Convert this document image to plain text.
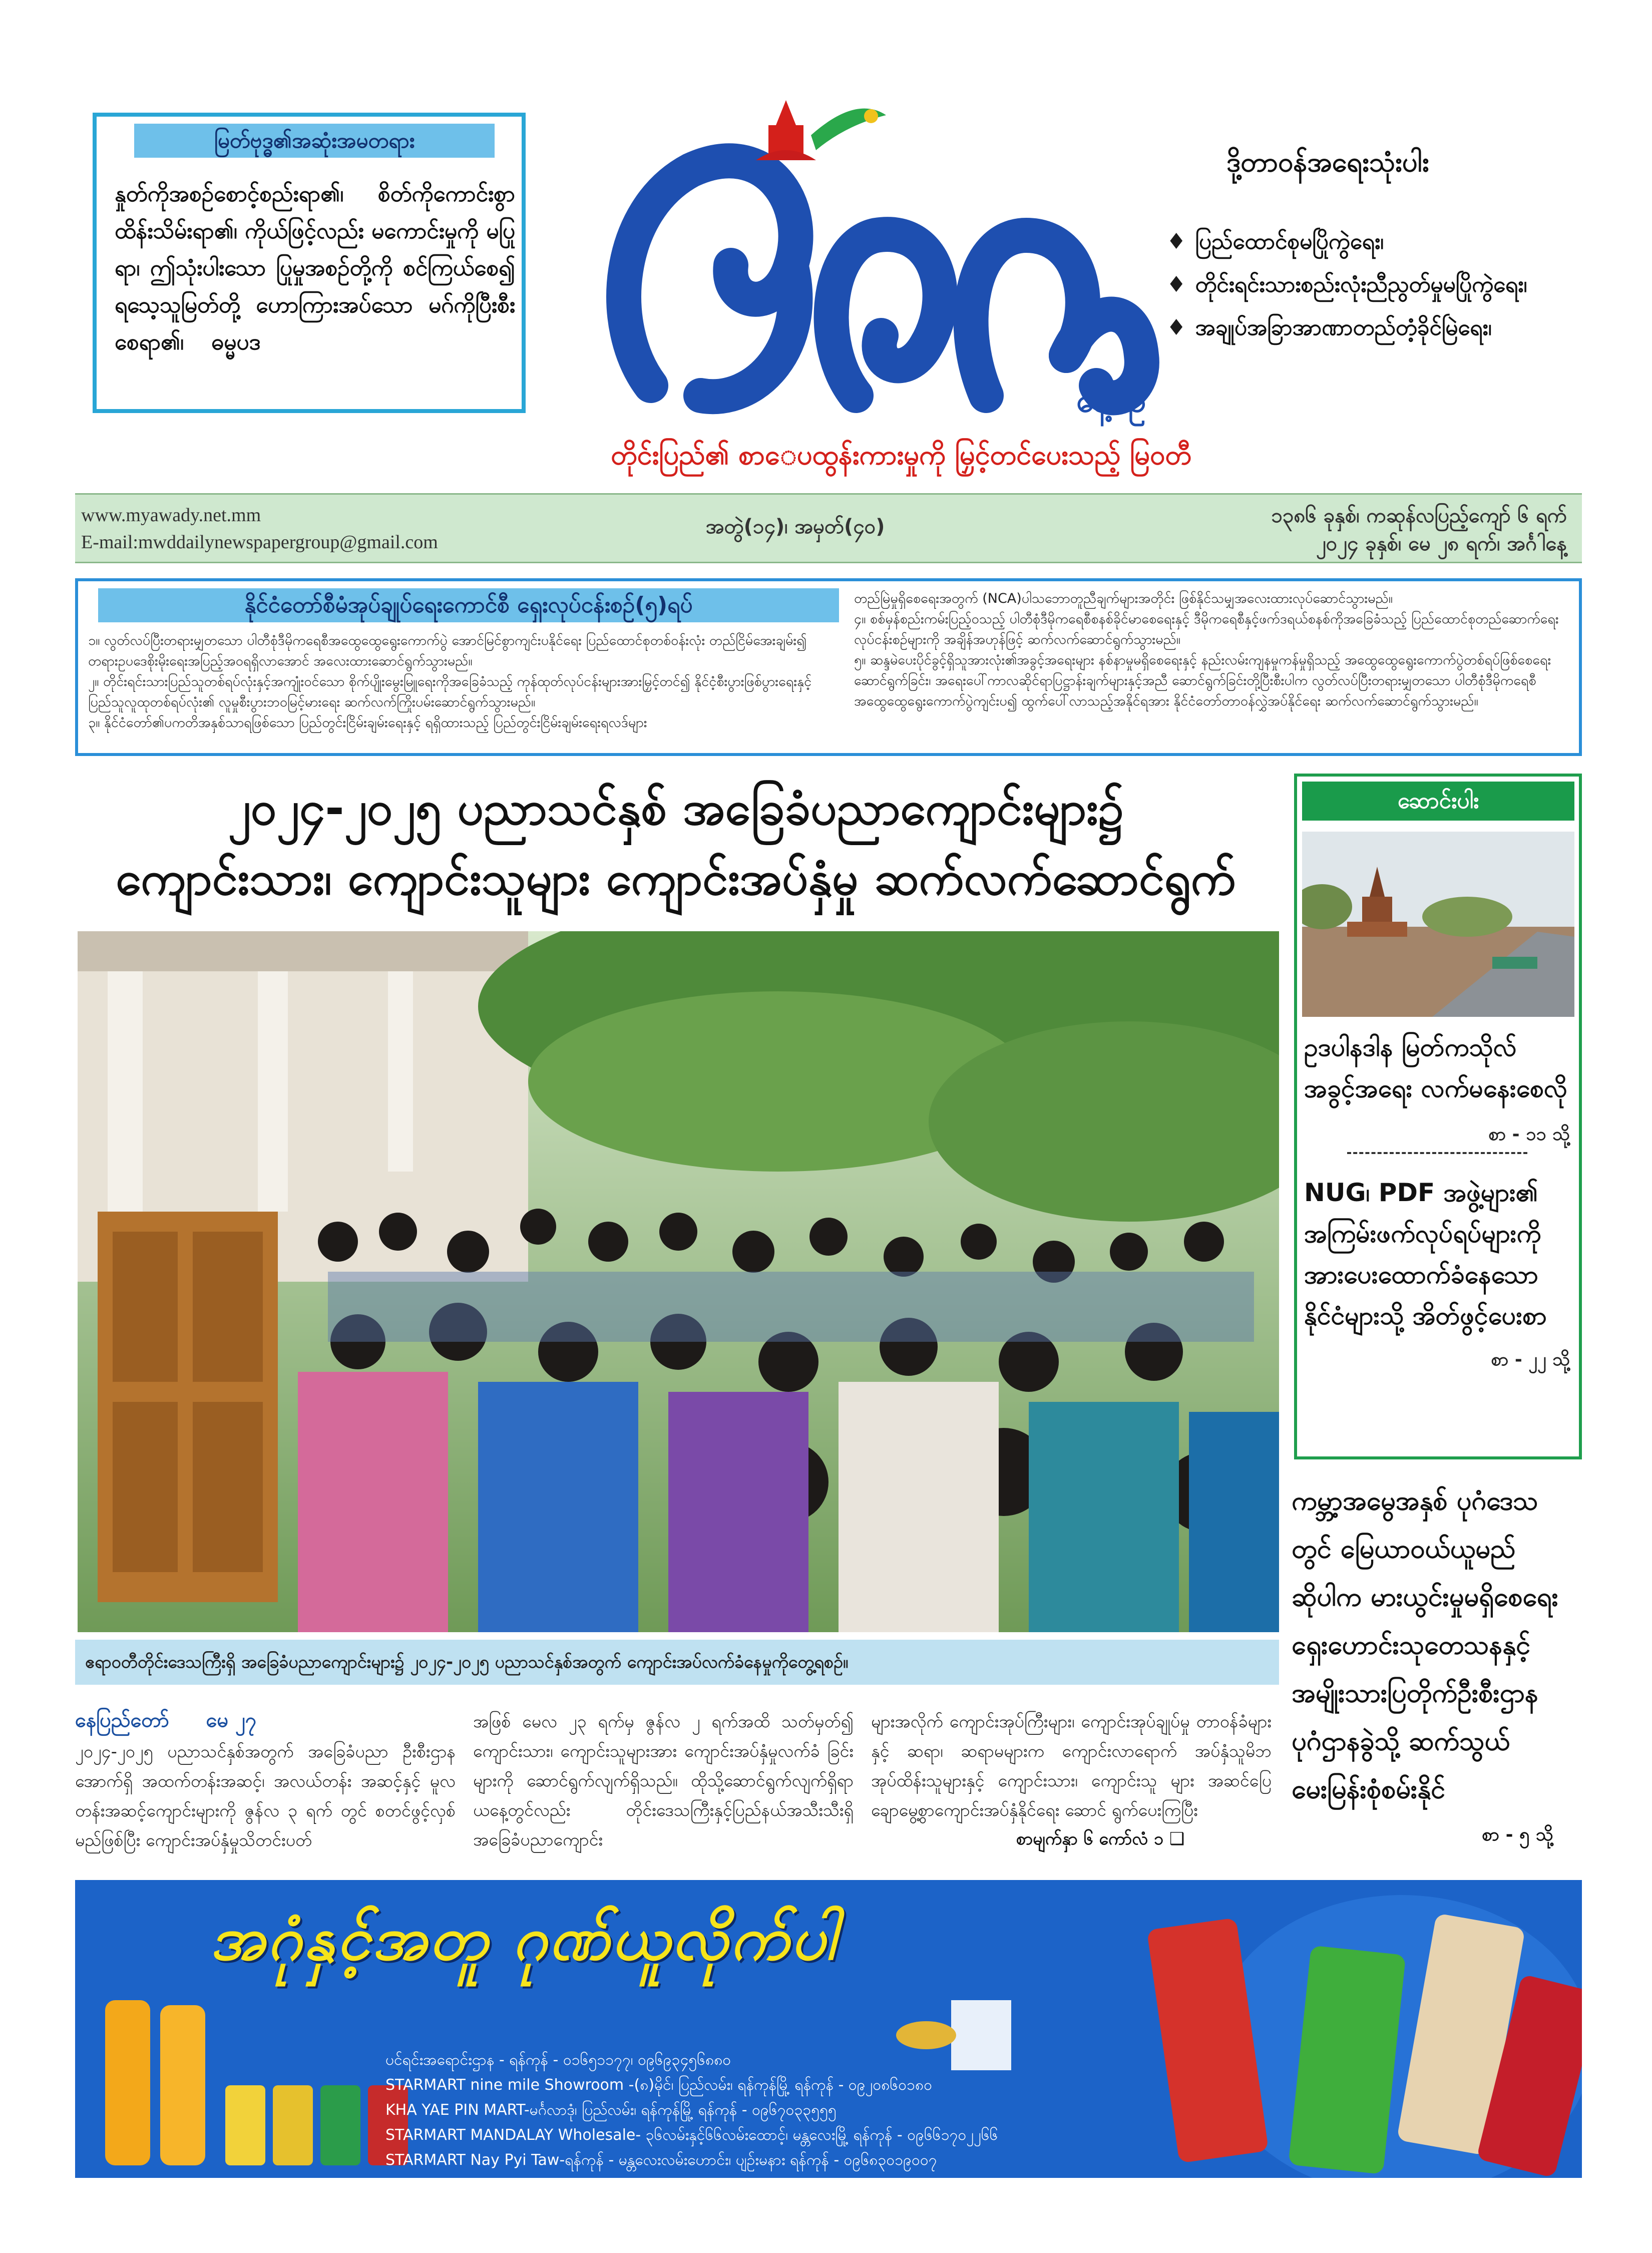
မြတ်ဗုဒ္ဓ၏အဆုံးအမတရား
နှုတ်ကိုအစဉ်စောင့်စည်းရာ၏၊ စိတ်ကိုကောင်းစွာ ထိန်းသိမ်းရာ၏၊ ကိုယ်ဖြင့်လည်း မကောင်းမှုကို မပြုရာ၊ ဤသုံးပါးသော ပြုမှုအစဉ်တို့ကို စင်ကြယ်စေ၍ ရသေ့သူမြတ်တို့ ဟောကြားအပ်သော မဂ်ကိုပြီးစီးစေရာ၏၊ ဓမ္မပဒ
နေ့စဉ်
ဒို့တာဝန်အရေးသုံးပါး
♦ ပြည်ထောင်စုမပြိုကွဲရေး၊
♦ တိုင်းရင်းသားစည်းလုံးညီညွတ်မှုမပြိုကွဲရေး၊
♦ အချုပ်အခြာအာဏာတည်တံ့ခိုင်မြဲရေး၊
တိုင်းပြည်၏ စာေပထွန်းကားမှုကို မြှင့်တင်ပေးသည့် မြဝတီ
www.myawady.net.mm
E-mail:mwddailynewspapergroup@gmail.com
အတွဲ(၁၄)၊ အမှတ်(၄၀)	၁၃၈၆ ခုနှစ်၊ ကဆုန်လပြည့်ကျော် ၆ ရက်
၂၀၂၄ ခုနှစ်၊ မေ ၂၈ ရက်၊ အင်္ဂါနေ့
နိုင်ငံတော်စီမံအုပ်ချုပ်ရေးကောင်စီ ရှေးလုပ်ငန်းစဉ်(၅)ရပ်
၁။ လွတ်လပ်ပြီးတရားမျှတသော ပါတီစုံဒီမိုကရေစီအထွေထွေရွေးကောက်ပွဲ အောင်မြင်စွာကျင်းပနိုင်ရေး ပြည်ထောင်စုတစ်ဝန်းလုံး တည်ငြိမ်အေးချမ်း၍ တရားဥပဒေစိုးမိုးရေးအပြည့်အဝရရှိလာအောင် အလေးထားဆောင်ရွက်သွားမည်။
၂။ တိုင်းရင်းသားပြည်သူတစ်ရပ်လုံးနှင့်အကျုံးဝင်သော စိုက်ပျိုးမွေးမြူရေးကိုအခြေခံသည့် ကုန်ထုတ်လုပ်ငန်းများအားမြှင့်တင်၍ နိုင်ငံ့စီးပွားဖြစ်ပွားရေးနှင့် ပြည်သူလူထုတစ်ရပ်လုံး၏ လူမှုစီးပွားဘဝမြင့်မားရေး ဆက်လက်ကြိုးပမ်းဆောင်ရွက်သွားမည်။
၃။ နိုင်ငံတော်၏ပကတိအနှစ်သာရဖြစ်သော ပြည်တွင်းငြိမ်းချမ်းရေးနှင့် ရရှိထားသည့် ပြည်တွင်းငြိမ်းချမ်းရေးရလဒ်များ
တည်မြဲမှုရှိစေရေးအတွက် (NCA)ပါသဘောတူညီချက်များအတိုင်း ဖြစ်နိုင်သမျှအလေးထားလုပ်ဆောင်သွားမည်။
၄။ စစ်မှန်စည်းကမ်းပြည့်ဝသည့် ပါတီစုံဒီမိုကရေစီစနစ်ခိုင်မာစေရေးနှင့် ဒီမိုကရေစီနှင့်ဖက်ဒရယ်စနစ်ကိုအခြေခံသည့် ပြည်ထောင်စုတည်ဆောက်ရေးလုပ်ငန်းစဉ်များကို အချိန်အဟုန်ဖြင့် ဆက်လက်ဆောင်ရွက်သွားမည်။
၅။ ဆန္ဒမဲပေးပိုင်ခွင့်ရှိသူအားလုံး၏အခွင့်အရေးများ နစ်နာမှုမရှိစေရေးနှင့် နည်းလမ်းကျနမှုကန်မှုရှိသည့် အထွေထွေရွေးကောက်ပွဲတစ်ရပ်ဖြစ်စေရေးဆောင်ရွက်ခြင်း၊ အရေးပေါ်ကာလဆိုင်ရာပြဋ္ဌာန်းချက်များနှင့်အညီ ဆောင်ရွက်ခြင်းတို့ပြီးစီးပါက လွတ်လပ်ပြီးတရားမျှတသော ပါတီစုံဒီမိုကရေစီအထွေထွေရွေးကောက်ပွဲကျင်းပ၍ ထွက်ပေါ်လာသည့်အနိုင်ရအား နိုင်ငံတော်တာဝန်လွှဲအပ်နိုင်ရေး ဆက်လက်ဆောင်ရွက်သွားမည်။
၂၀၂၄-၂၀၂၅ ပညာသင်နှစ် အခြေခံပညာကျောင်းများ၌
ကျောင်းသား၊ ကျောင်းသူများ ကျောင်းအပ်နှံမှု ဆက်လက်ဆောင်ရွက်
ဧရာဝတီတိုင်းဒေသကြီးရှိ အခြေခံပညာကျောင်းများ၌ ၂၀၂၄-၂၀၂၅ ပညာသင်နှစ်အတွက် ကျောင်းအပ်လက်ခံနေမှုကိုတွေ့ရစဉ်။
နေပြည်တော် မေ ၂၇
၂၀၂၄-၂၀၂၅ ပညာသင်နှစ်အတွက် အခြေခံပညာ ဦးစီးဌာနအောက်ရှိ အထက်တန်းအဆင့်၊ အလယ်တန်း အဆင့်နှင့် မူလတန်းအဆင့်ကျောင်းများကို ဇွန်လ ၃ ရက် တွင် စတင်ဖွင့်လှစ်မည်ဖြစ်ပြီး ကျောင်းအပ်နှံမှုသိတင်းပတ်
အဖြစ် မေလ ၂၃ ရက်မှ ဇွန်လ ၂ ရက်အထိ သတ်မှတ်၍ ကျောင်းသား၊ ကျောင်းသူများအား ကျောင်းအပ်နှံမှုလက်ခံ ခြင်းများကို ဆောင်ရွက်လျက်ရှိသည်။ ထိုသို့ဆောင်ရွက်လျက်ရှိရာ ယနေ့တွင်လည်း တိုင်းဒေသကြီးနှင့်ပြည်နယ်အသီးသီးရှိ အခြေခံပညာကျောင်း
များအလိုက် ကျောင်းအုပ်ကြီးများ၊ ကျောင်းအုပ်ချုပ်မှု တာဝန်ခံများနှင့် ဆရာ၊ ဆရာမများက ကျောင်းလာရောက် အပ်နှံသူမိဘအုပ်ထိန်းသူများနှင့် ကျောင်းသား၊ ကျောင်းသူ များ အဆင်ပြေချောမွေ့စွာကျောင်းအပ်နှံနိုင်ရေး ဆောင် ရွက်ပေးကြပြီး
စာမျက်နှာ ၆ ကော်လံ ၁ ❑
ဆောင်းပါး
ဥဒပါနဒါန မြတ်ကသိုလ်
အခွင့်အရေး လက်မနေးစေလို
စာ - ၁၁ သို့
NUG၊ PDF အဖွဲ့များ၏
အကြမ်းဖက်လုပ်ရပ်များကို
အားပေးထောက်ခံနေသော
နိုင်ငံများသို့ အိတ်ဖွင့်ပေးစာ
စာ - ၂၂ သို့
ကမ္ဘာ့အမွေအနှစ် ပုဂံဒေသ
တွင် မြေယာဝယ်ယူမည်
ဆိုပါက မားယွင်းမှုမရှိစေရေး
ရှေးဟောင်းသုတေသနနှင့်
အမျိုးသားပြတိုက်ဦးစီးဌာန
ပုဂံဌာနခွဲသို့ ဆက်သွယ်
မေးမြန်းစုံစမ်းနိုင်
စာ - ၅ သို့
အဂုံနှင့်အတူ ဂုဏ်ယူလိုက်ပါ
ပင်ရင်းအရောင်းဌာန - ရန်ကုန် - ၀၁၆၅၁၁၇၇၊ ၀၉၆၉၃၄၅၆၈၈၀
STARMART nine mile Showroom -(၈)မိုင်၊ ပြည်လမ်း၊ ရန်ကုန်မြို့ ရန်ကုန် - ၀၉၂၀၈၆၀၁၈၀
KHA YAE PIN MART-မင်္ဂလာဒုံ၊ ပြည်လမ်း၊ ရန်ကုန်မြို့ ရန်ကုန် - ၀၉၆၇၀၃၃၅၅၅
STARMART MANDALAY Wholesale- ၃၆လမ်းနှင့်၆၆လမ်းထောင့်၊ မန္တလေးမြို့ ရန်ကုန် - ၀၉၆၆၁၇၀၂၂၆၆
STARMART Nay Pyi Taw-ရန်ကုန် - မန္တလေးလမ်းဟောင်း၊ ပျဉ်းမနား ရန်ကုန် - ၀၉၆၈၃၀၁၉၀၀၇
